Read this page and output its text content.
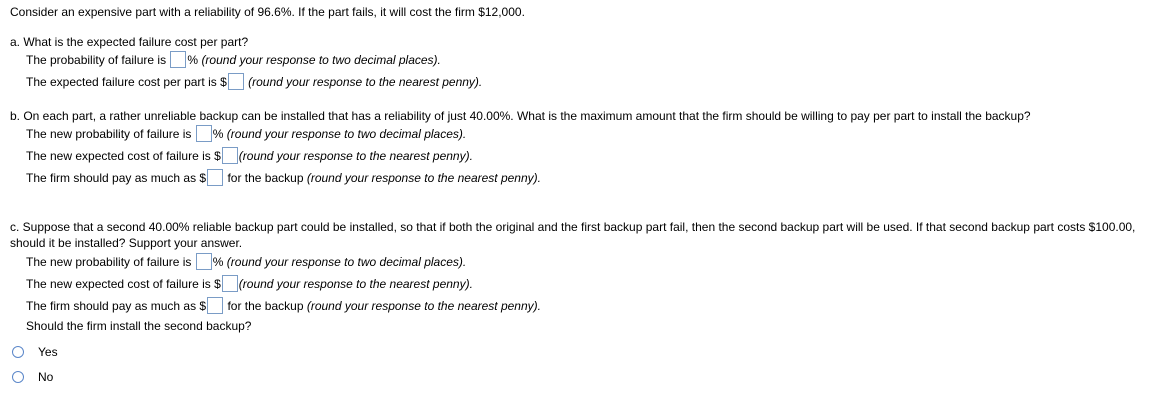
Consider an expensive part with a reliability of 96.6%. If the part fails, it will cost the firm $12,000.
a. What is the expected failure cost per part?
The probability of failure is % (round your response to two decimal places).
The expected failure cost per part is $ (round your response to the nearest penny).
b. On each part, a rather unreliable backup can be installed that has a reliability of just 40.00%. What is the maximum amount that the firm should be willing to pay per part to install the backup?
The new probability of failure is % (round your response to two decimal places).
The new expected cost of failure is $ (round your response to the nearest penny).
The firm should pay as much as $ for the backup (round your response to the nearest penny).
c. Suppose that a second 40.00% reliable backup part could be installed, so that if both the original and the first backup part fail, then the second backup part will be used. If that second backup part costs $100.00, should it be installed? Support your answer.
The new probability of failure is % (round your response to two decimal places).
The new expected cost of failure is $ (round your response to the nearest penny).
The firm should pay as much as $ for the backup (round your response to the nearest penny).
Should the firm install the second backup?
Yes
No
